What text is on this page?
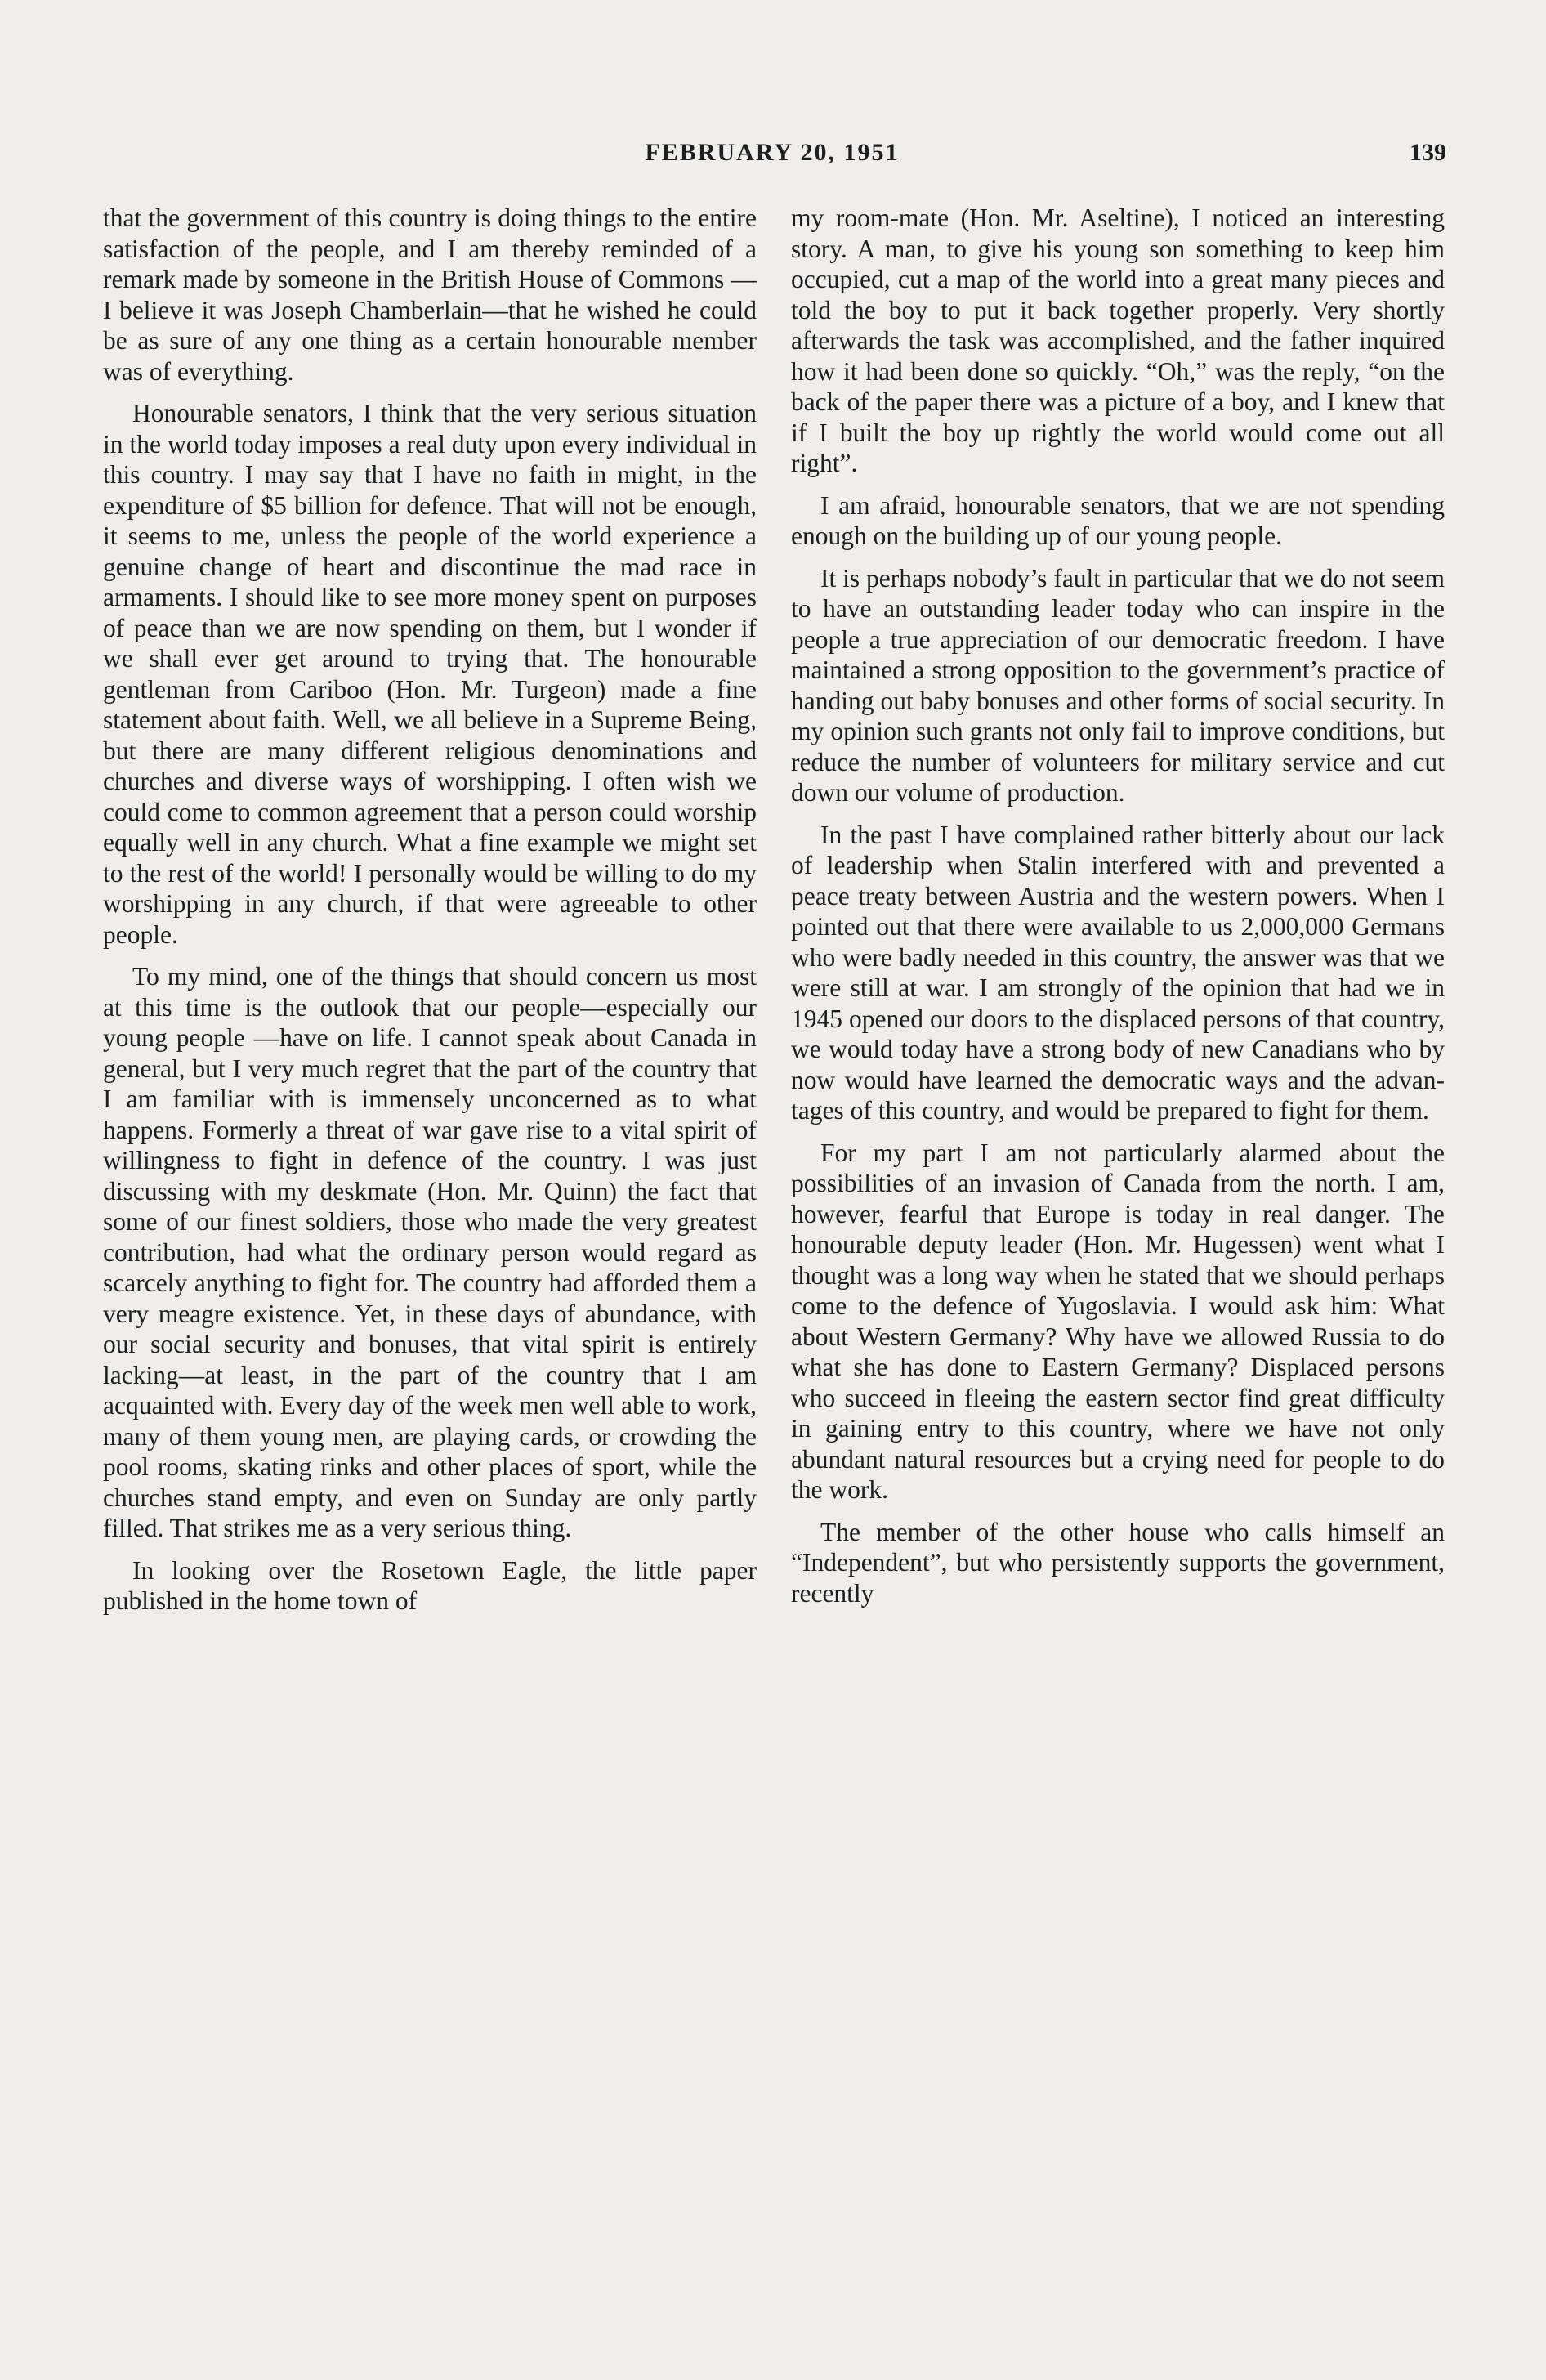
FEBRUARY 20, 1951	139

that the government of this country is doing things to the entire satisfaction of the people, and I am thereby reminded of a remark made by someone in the British House of Commons —I believe it was Joseph Chamberlain—that he wished he could be as sure of any one thing as a certain honourable member was of everything.

Honourable senators, I think that the very serious situation in the world today imposes a real duty upon every individual in this country. I may say that I have no faith in might, in the expenditure of $5 billion for defence. That will not be enough, it seems to me, unless the people of the world experience a genuine change of heart and discontinue the mad race in armaments. I should like to see more money spent on purposes of peace than we are now spending on them, but I wonder if we shall ever get around to trying that. The honourable gentleman from Cariboo (Hon. Mr. Turgeon) made a fine statement about faith. Well, we all believe in a Supreme Being, but there are many different religious denominations and churches and diverse ways of worshipping. I often wish we could come to common agreement that a person could worship equally well in any church. What a fine example we might set to the rest of the world! I personally would be willing to do my worshipping in any church, if that were agreeable to other people.

To my mind, one of the things that should concern us most at this time is the outlook that our people—especially our young people —have on life. I cannot speak about Canada in general, but I very much regret that the part of the country that I am familiar with is immensely unconcerned as to what happens. Formerly a threat of war gave rise to a vital spirit of willingness to fight in defence of the country. I was just discussing with my deskmate (Hon. Mr. Quinn) the fact that some of our finest soldiers, those who made the very greatest contribution, had what the ordinary person would regard as scarcely anything to fight for. The country had afforded them a very meagre existence. Yet, in these days of abundance, with our social security and bonuses, that vital spirit is entirely lacking—at least, in the part of the country that I am acquainted with. Every day of the week men well able to work, many of them young men, are playing cards, or crowding the pool rooms, skating rinks and other places of sport, while the churches stand empty, and even on Sunday are only partly filled. That strikes me as a very serious thing.

In looking over the Rosetown Eagle, the little paper published in the home town of

my room-mate (Hon. Mr. Aseltine), I noticed an interesting story. A man, to give his young son something to keep him occupied, cut a map of the world into a great many pieces and told the boy to put it back together properly. Very shortly afterwards the task was accomplished, and the father inquired how it had been done so quickly. “Oh,” was the reply, “on the back of the paper there was a picture of a boy, and I knew that if I built the boy up rightly the world would come out all right”.

I am afraid, honourable senators, that we are not spending enough on the building up of our young people.

It is perhaps nobody’s fault in particular that we do not seem to have an outstanding leader today who can inspire in the people a true appreciation of our democratic freedom. I have maintained a strong opposition to the government’s practice of handing out baby bonuses and other forms of social security. In my opinion such grants not only fail to improve conditions, but reduce the number of volunteers for military service and cut down our volume of production.

In the past I have complained rather bitterly about our lack of leadership when Stalin interfered with and prevented a peace treaty between Austria and the western powers. When I pointed out that there were available to us 2,000,000 Germans who were badly needed in this country, the answer was that we were still at war. I am strongly of the opinion that had we in 1945 opened our doors to the displaced persons of that country, we would today have a strong body of new Canadians who by now would have learned the democratic ways and the advantages of this country, and would be prepared to fight for them.

For my part I am not particularly alarmed about the possibilities of an invasion of Canada from the north. I am, however, fearful that Europe is today in real danger. The honourable deputy leader (Hon. Mr. Hugessen) went what I thought was a long way when he stated that we should perhaps come to the defence of Yugoslavia. I would ask him: What about Western Germany? Why have we allowed Russia to do what she has done to Eastern Germany? Displaced persons who succeed in fleeing the eastern sector find great difficulty in gaining entry to this country, where we have not only abundant natural resources but a crying need for people to do the work.

The member of the other house who calls himself an “Independent”, but who persistently supports the government, recently
